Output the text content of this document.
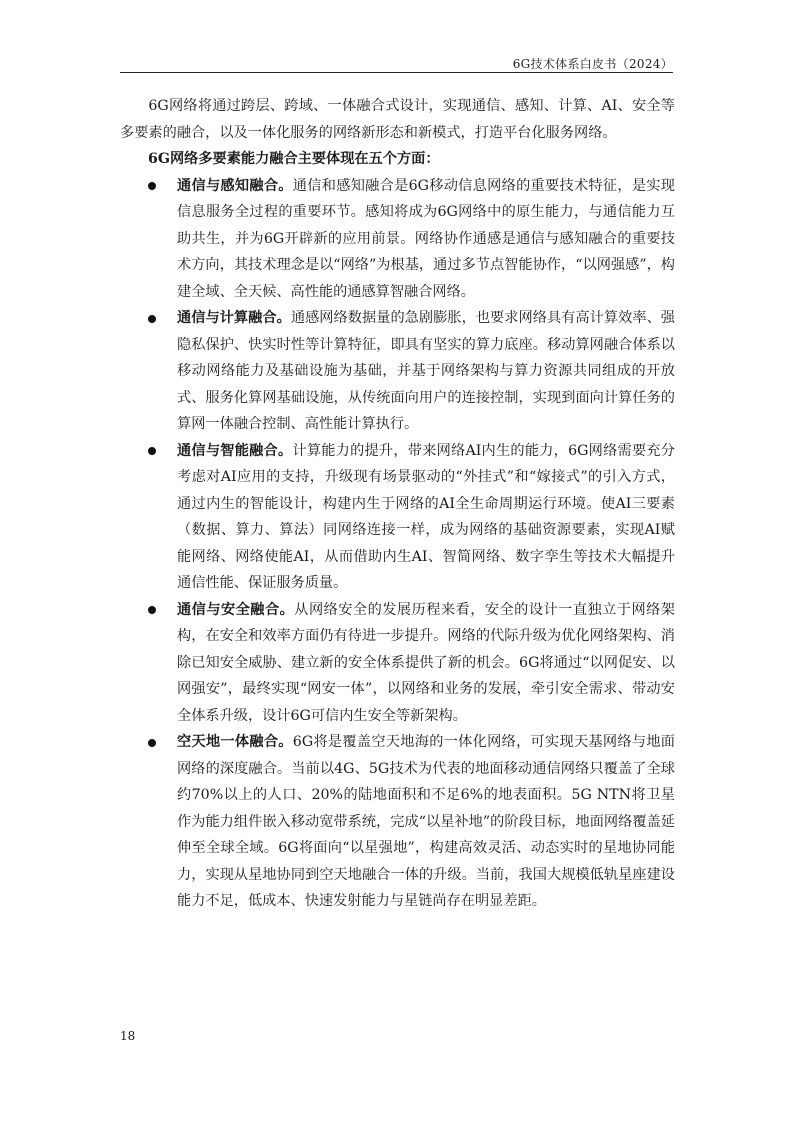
6G技术体系白皮书（2024）

6G网络将通过跨层、跨域、一体融合式设计，实现通信、感知、计算、AI、安全等多要素的融合，以及一体化服务的网络新形态和新模式，打造平台化服务网络。

6G网络多要素能力融合主要体现在五个方面：

通信与感知融合。通信和感知融合是6G移动信息网络的重要技术特征，是实现信息服务全过程的重要环节。感知将成为6G网络中的原生能力，与通信能力互助共生，并为6G开辟新的应用前景。网络协作通感是通信与感知融合的重要技术方向，其技术理念是以“网络”为根基，通过多节点智能协作，“以网强感”，构建全域、全天候、高性能的通感算智融合网络。
通信与计算融合。通感网络数据量的急剧膨胀，也要求网络具有高计算效率、强隐私保护、快实时性等计算特征，即具有坚实的算力底座。移动算网融合体系以移动网络能力及基础设施为基础，并基于网络架构与算力资源共同组成的开放式、服务化算网基础设施，从传统面向用户的连接控制，实现到面向计算任务的算网一体融合控制、高性能计算执行。
通信与智能融合。计算能力的提升，带来网络AI内生的能力，6G网络需要充分考虑对AI应用的支持，升级现有场景驱动的“外挂式”和“嫁接式”的引入方式，通过内生的智能设计，构建内生于网络的AI全生命周期运行环境。使AI三要素（数据、算力、算法）同网络连接一样，成为网络的基础资源要素，实现AI赋能网络、网络使能AI，从而借助内生AI、智简网络、数字孪生等技术大幅提升通信性能、保证服务质量。
通信与安全融合。从网络安全的发展历程来看，安全的设计一直独立于网络架构，在安全和效率方面仍有待进一步提升。网络的代际升级为优化网络架构、消除已知安全威胁、建立新的安全体系提供了新的机会。6G将通过“以网促安、以网强安”，最终实现“网安一体”，以网络和业务的发展，牵引安全需求、带动安全体系升级，设计6G可信内生安全等新架构。
空天地一体融合。6G将是覆盖空天地海的一体化网络，可实现天基网络与地面网络的深度融合。当前以4G、5G技术为代表的地面移动通信网络只覆盖了全球约70%以上的人口、20%的陆地面积和不足6%的地表面积。5G NTN将卫星作为能力组件嵌入移动宽带系统，完成“以星补地”的阶段目标，地面网络覆盖延伸至全球全域。6G将面向“以星强地”，构建高效灵活、动态实时的星地协同能力，实现从星地协同到空天地融合一体的升级。当前，我国大规模低轨星座建设能力不足，低成本、快速发射能力与星链尚存在明显差距。
18
